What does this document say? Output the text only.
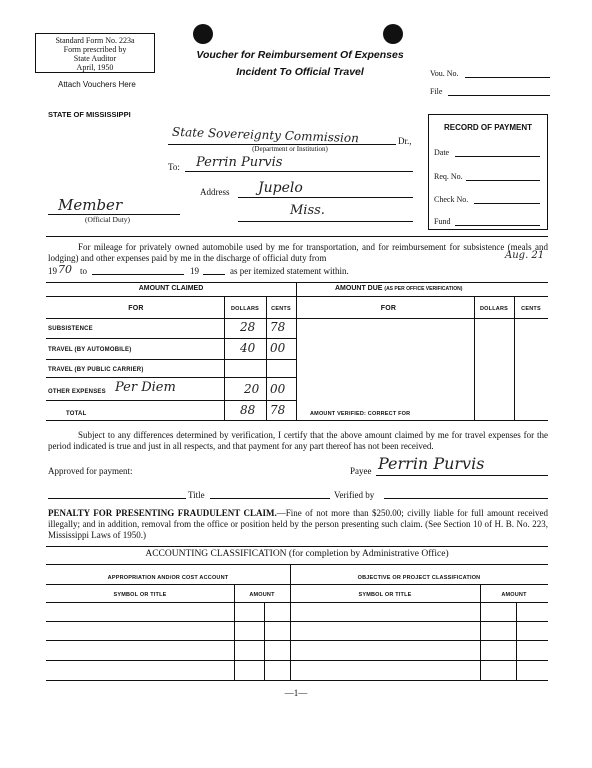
Standard Form No. 223a
Form prescribed by
State Auditor
April, 1950
Attach Vouchers Here
Voucher for Reimbursement Of Expenses
Incident To Official Travel	Vou. No.
File
STATE OF MISSISSIPPI
State Sovereignty Commission	Dr.,
(Department or Institution)
To: Perrin Purvis
Address Jupelo
Miss.
Member
(Official Duty)
RECORD OF PAYMENT
Date
Req. No.
Check No.
Fund

For mileage for privately owned automobile used by me for transportation, and for reimbursement for subsistence (meals and lodging) and other expenses paid by me in the discharge of official duty from	Aug. 21
19 70 to	19	as per itemized statement within.
AMOUNT CLAIMED	AMOUNT DUE (AS PER OFFICE VERIFICATION)
FOR	DOLLARS	CENTS	FOR	DOLLARS	CENTS
SUBSISTENCE	28 78
TRAVEL (BY AUTOMOBILE)	40 00
TRAVEL (BY PUBLIC CARRIER)
OTHER EXPENSES Per Diem	20 00
TOTAL	88 78	AMOUNT VERIFIED: CORRECT FOR

Subject to any differences determined by verification, I certify that the above amount claimed by me for travel expenses for the period indicated is true and just in all respects, and that payment for any part thereof has not been received.

Approved for payment:	Payee Perrin Purvis
Title	Verified by

PENALTY FOR PRESENTING FRAUDULENT CLAIM.—Fine of not more than $250.00; civilly liable for full amount received illegally; and in addition, removal from the office or position held by the person presenting such claim. (See Section 10 of H. B. No. 223, Mississippi Laws of 1950.)

ACCOUNTING CLASSIFICATION (for completion by Administrative Office)
APPROPRIATION AND/OR COST ACCOUNT	OBJECTIVE OR PROJECT CLASSIFICATION
SYMBOL OR TITLE	AMOUNT	SYMBOL OR TITLE	AMOUNT
—1—
